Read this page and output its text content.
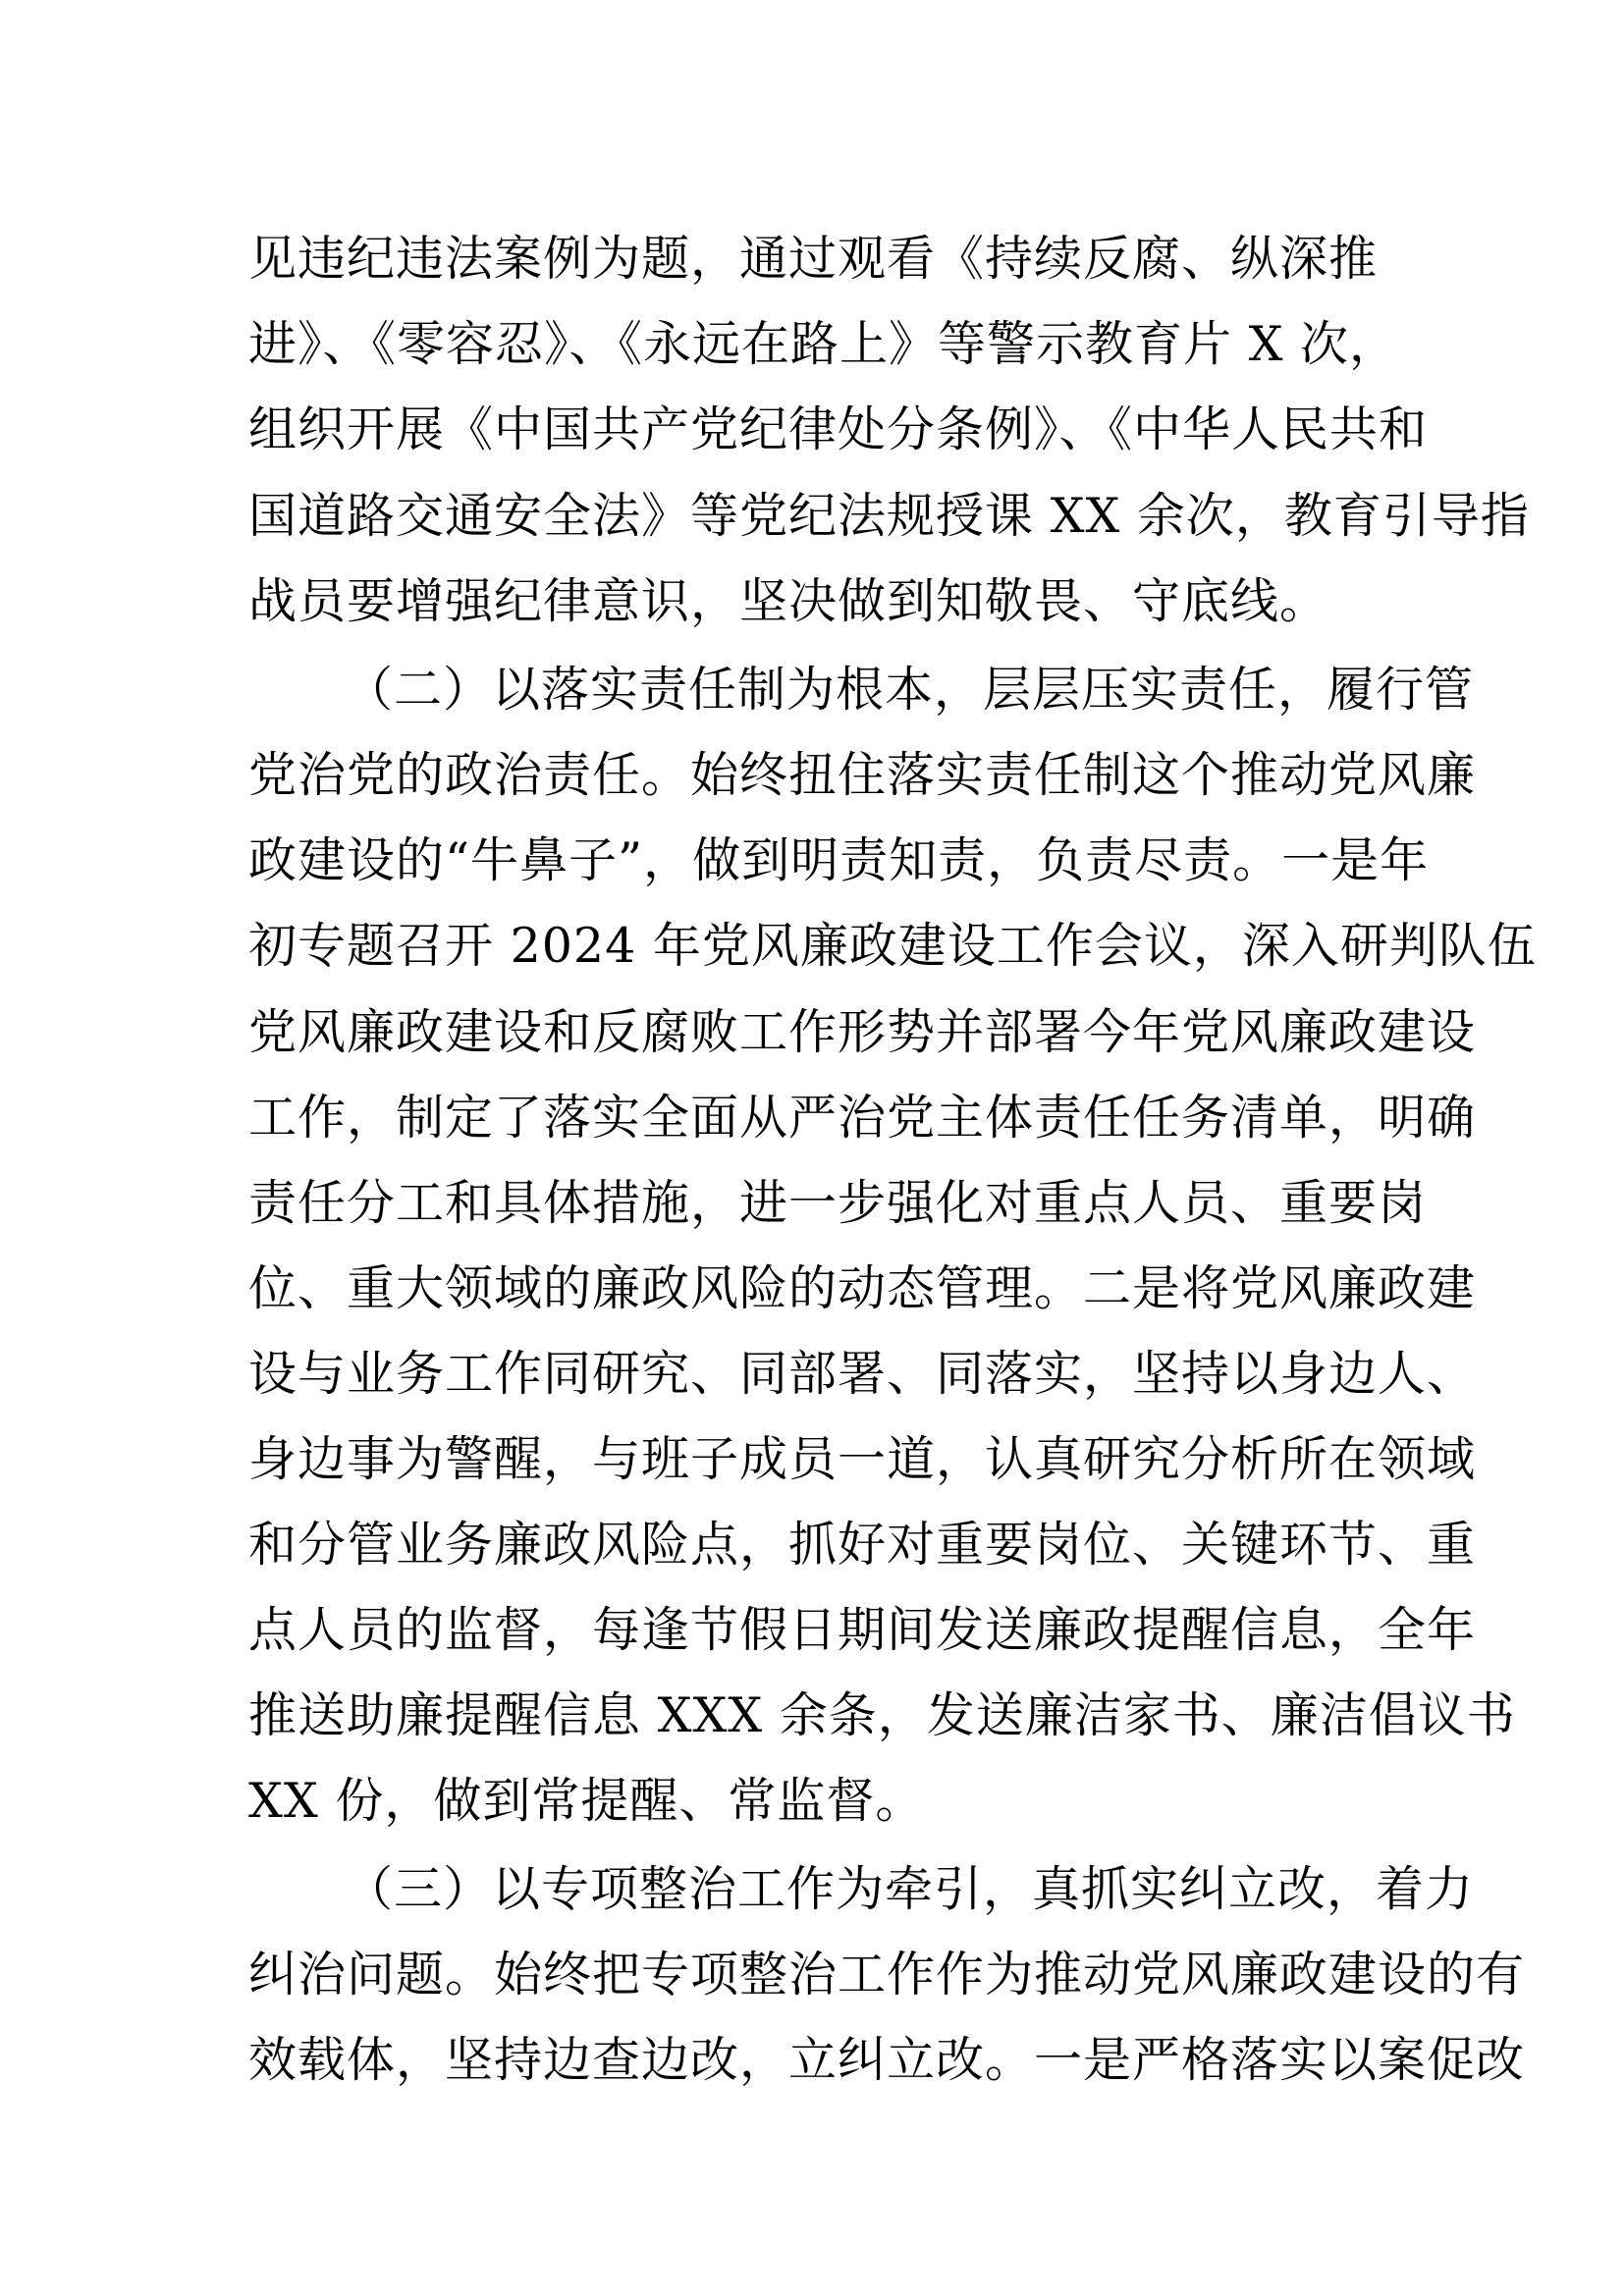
见违纪违法案例为题，通过观看《持续反腐、纵深推
进》、《零容忍》、《永远在路上》等警示教育片 X 次，
组织开展《中国共产党纪律处分条例》、《中华人民共和
国道路交通安全法》等党纪法规授课 XX 余次，教育引导指
战员要增强纪律意识，坚决做到知敬畏、守底线。
（二）以落实责任制为根本，层层压实责任，履行管
党治党的政治责任。始终扭住落实责任制这个推动党风廉
政建设的“牛鼻子”，做到明责知责，负责尽责。一是年
初专题召开 2024 年党风廉政建设工作会议，深入研判队伍
党风廉政建设和反腐败工作形势并部署今年党风廉政建设
工作，制定了落实全面从严治党主体责任任务清单，明确
责任分工和具体措施，进一步强化对重点人员、重要岗
位、重大领域的廉政风险的动态管理。二是将党风廉政建
设与业务工作同研究、同部署、同落实，坚持以身边人、
身边事为警醒，与班子成员一道，认真研究分析所在领域
和分管业务廉政风险点，抓好对重要岗位、关键环节、重
点人员的监督，每逢节假日期间发送廉政提醒信息，全年
推送助廉提醒信息 XXX 余条，发送廉洁家书、廉洁倡议书
XX 份，做到常提醒、常监督。
（三）以专项整治工作为牵引，真抓实纠立改，着力
纠治问题。始终把专项整治工作作为推动党风廉政建设的有
效载体，坚持边查边改，立纠立改。一是严格落实以案促改
